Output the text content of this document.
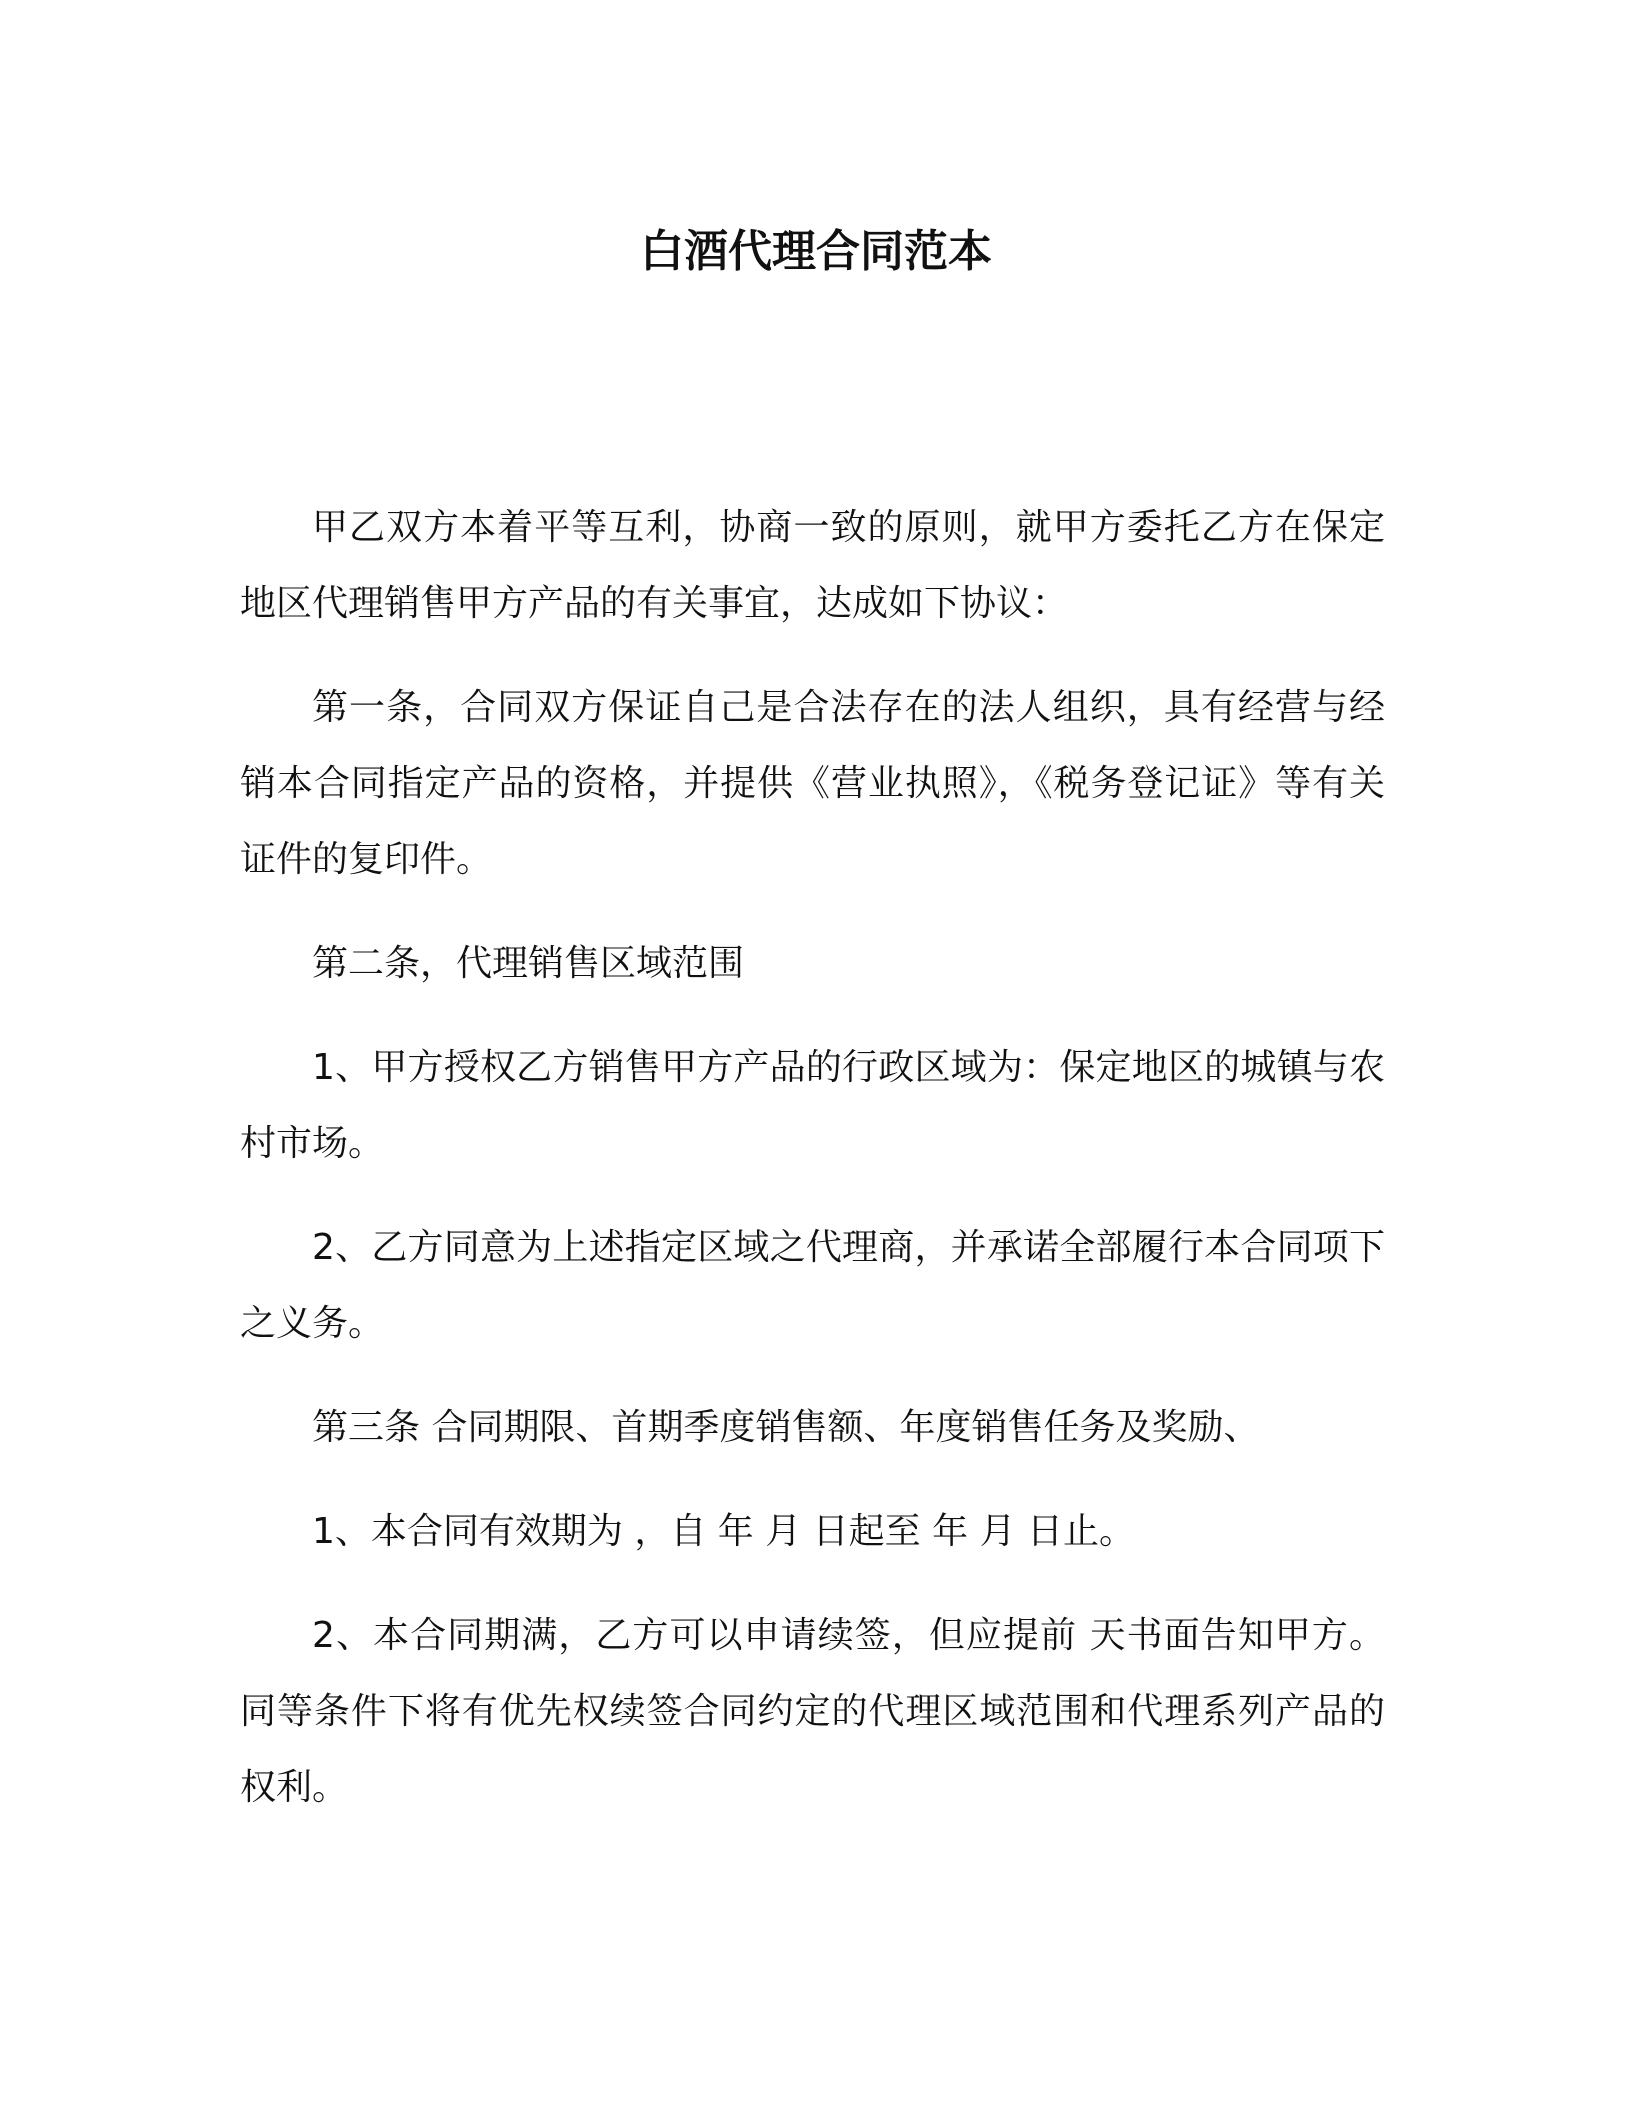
白酒代理合同范本

甲乙双方本着平等互利，协商一致的原则，就甲方委托乙方在保定地区代理销售甲方产品的有关事宜，达成如下协议：

第一条，合同双方保证自己是合法存在的法人组织，具有经营与经销本合同指定产品的资格，并提供《营业执照》，《税务登记证》等有关证件的复印件。

第二条，代理销售区域范围

1、甲方授权乙方销售甲方产品的行政区域为：保定地区的城镇与农村市场。

2、乙方同意为上述指定区域之代理商，并承诺全部履行本合同项下之义务。

第三条 合同期限、首期季度销售额、年度销售任务及奖励、

1、本合同有效期为 ，自 年 月 日起至 年 月 日止。

2、本合同期满，乙方可以申请续签，但应提前 天书面告知甲方。同等条件下将有优先权续签合同约定的代理区域范围和代理系列产品的权利。
